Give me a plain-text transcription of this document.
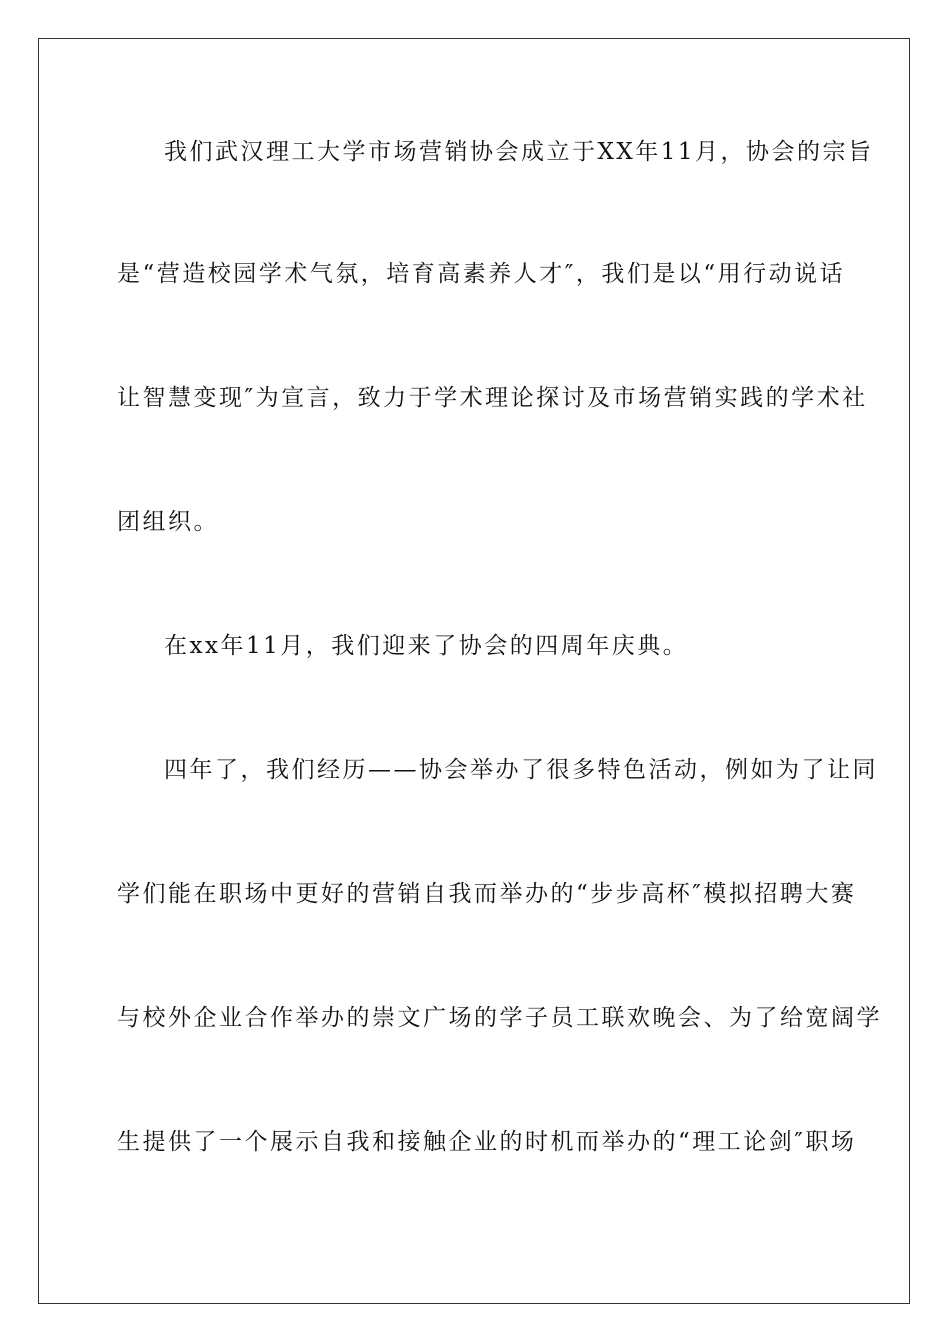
我们武汉理工大学市场营销协会成立于XX年11月，协会的宗旨
是“营造校园学术气氛，培育高素养人才″，我们是以“用行动说话
让智慧变现″为宣言，致力于学术理论探讨及市场营销实践的学术社
团组织。
在xx年11月，我们迎来了协会的四周年庆典。
四年了，我们经历——协会举办了很多特色活动，例如为了让同
学们能在职场中更好的营销自我而举办的“步步高杯″模拟招聘大赛
与校外企业合作举办的崇文广场的学子员工联欢晚会、为了给宽阔学
生提供了一个展示自我和接触企业的时机而举办的“理工论剑″职场
